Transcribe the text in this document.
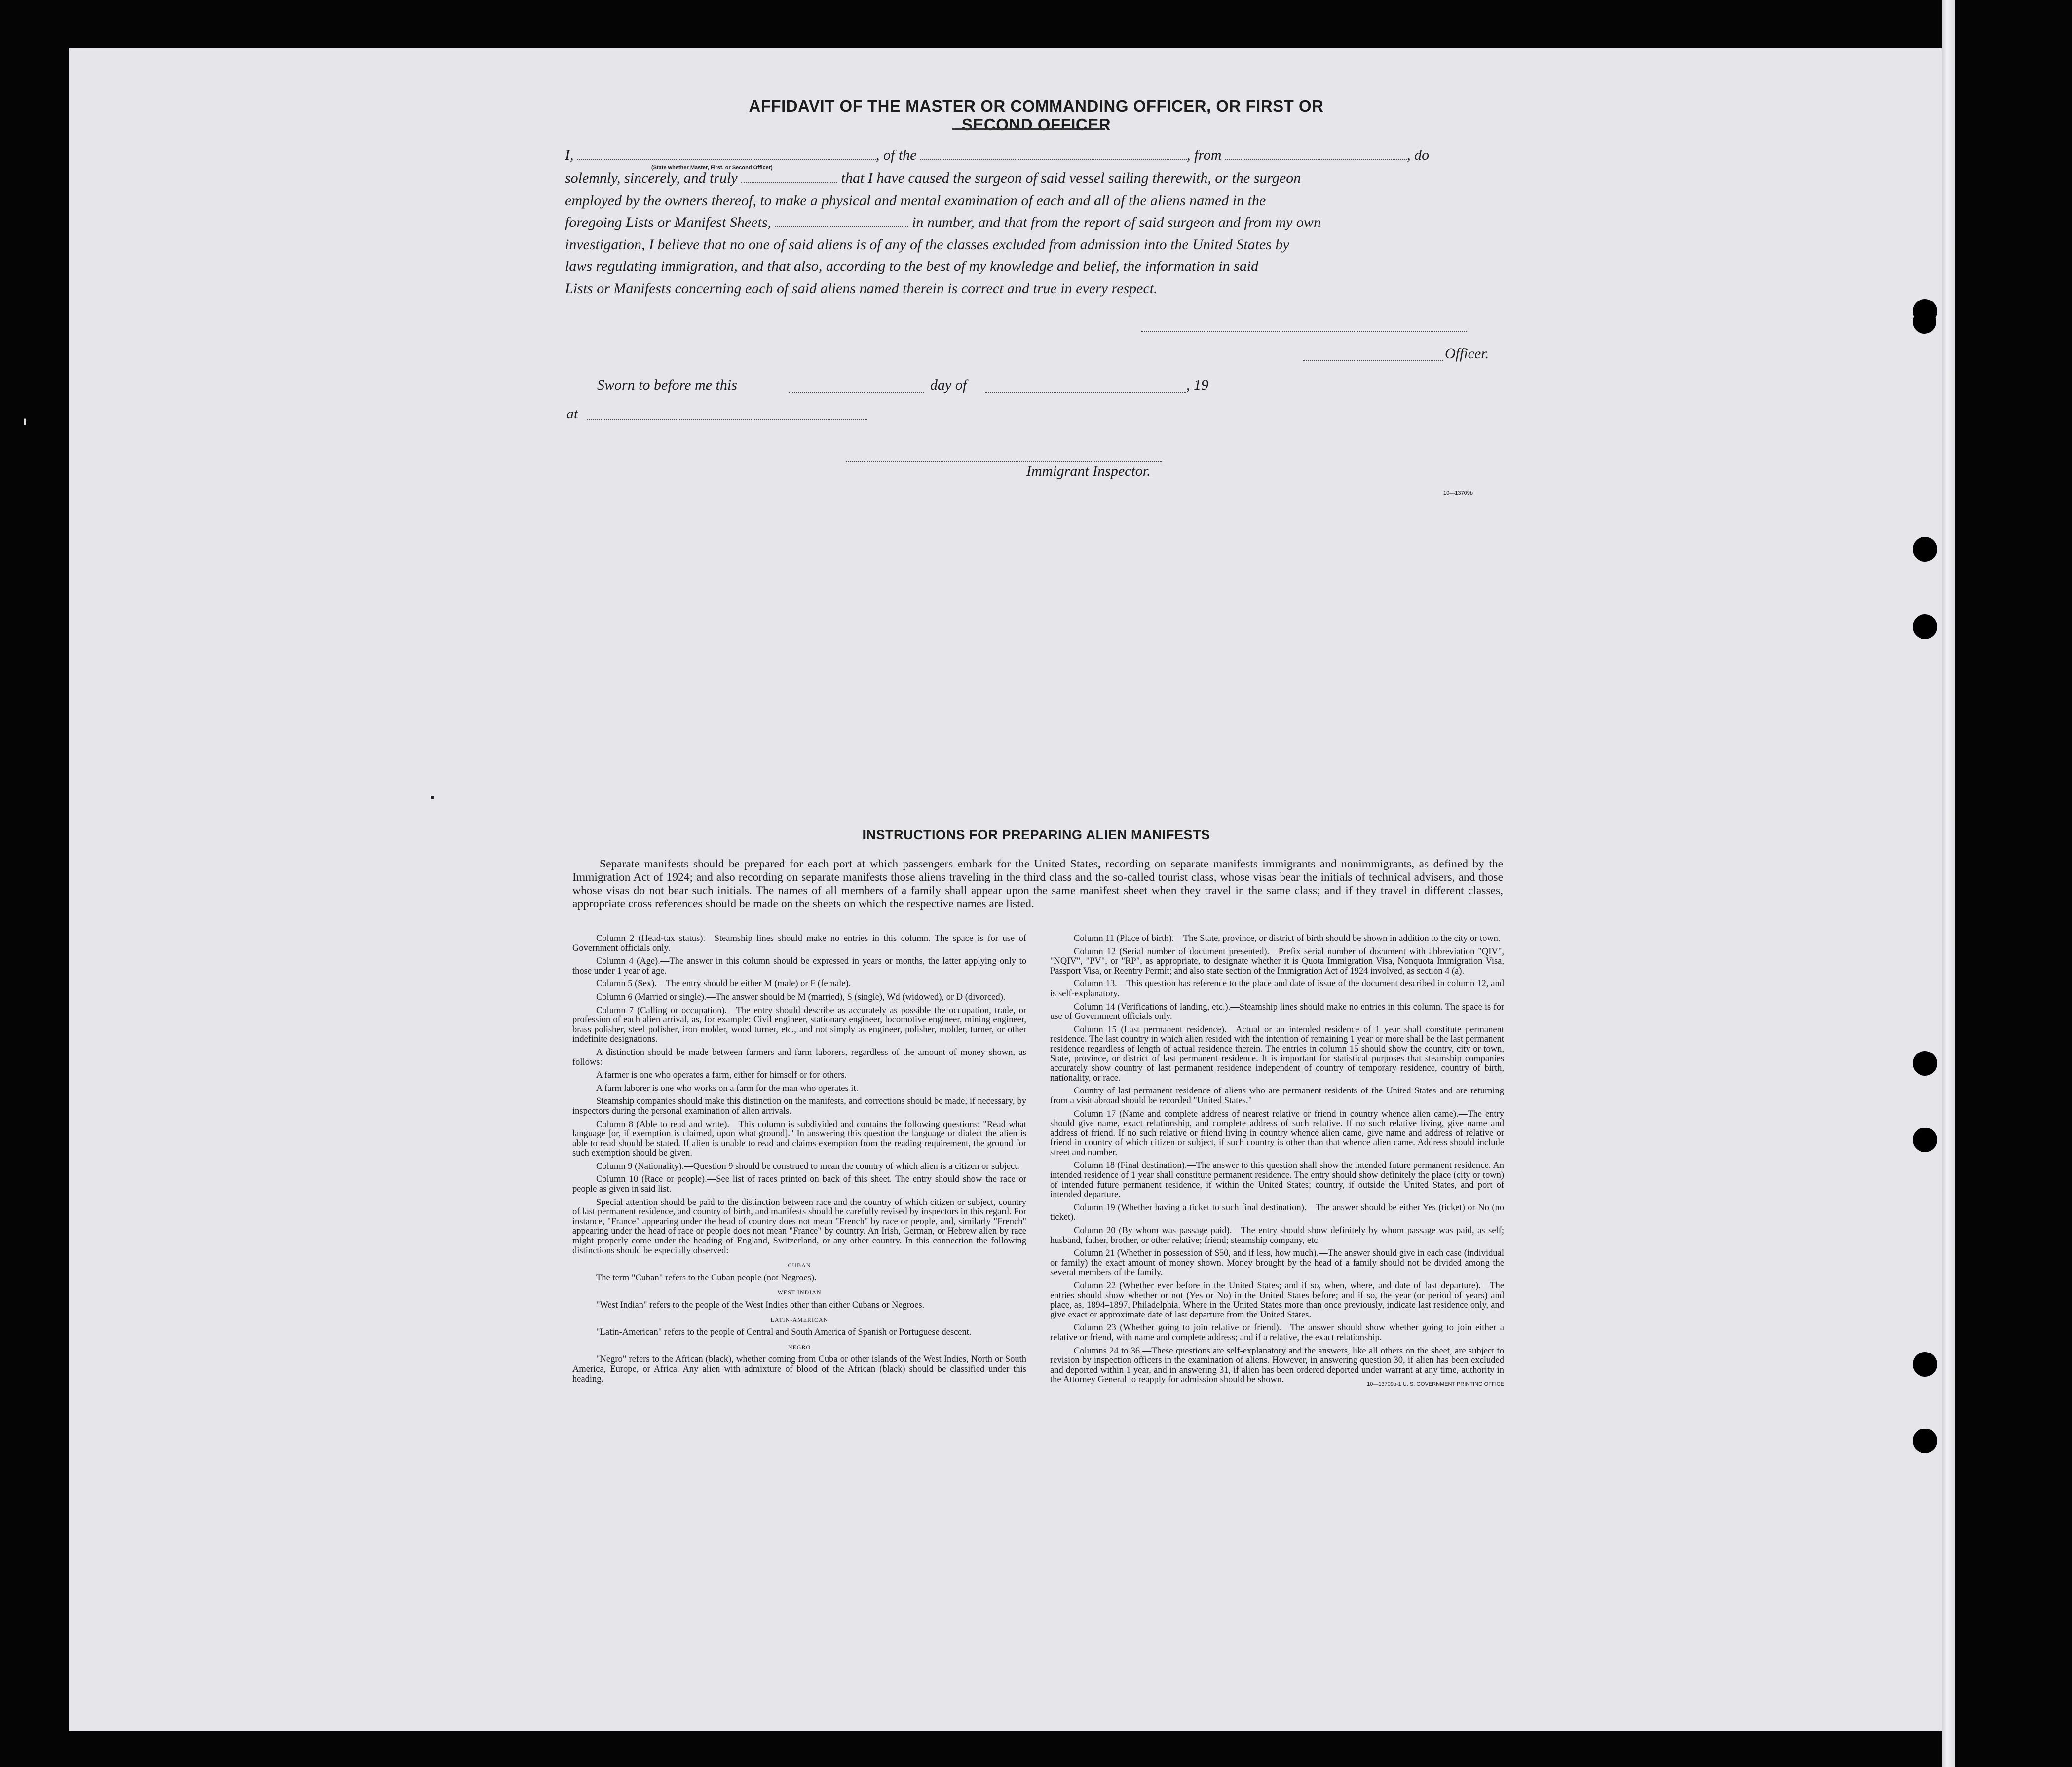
AFFIDAVIT OF THE MASTER OR COMMANDING OFFICER, OR FIRST OR SECOND OFFICER
I,	, of the	, from	, do
(State whether Master, First, or Second Officer)
solemnly, sincerely, and truly	that I have caused the surgeon of said vessel sailing therewith, or the surgeon
employed by the owners thereof, to make a physical and mental examination of each and all of the aliens named in the
foregoing Lists or Manifest Sheets,	in number, and that from the report of said surgeon and from my own
investigation, I believe that no one of said aliens is of any of the classes excluded from admission into the United States by
laws regulating immigration, and that also, according to the best of my knowledge and belief, the information in said
Lists or Manifests concerning each of said aliens named therein is correct and true in every respect.
Officer.
Sworn to before me this	day of	, 19
at
Immigrant Inspector.
10—13709b
INSTRUCTIONS FOR PREPARING ALIEN MANIFESTS
Separate manifests should be prepared for each port at which passengers embark for the United States, recording on separate manifests immigrants and nonimmigrants, as defined by the Immigration Act of 1924; and also recording on separate manifests those aliens traveling in the third class and the so-called tourist class, whose visas bear the initials of technical advisers, and those whose visas do not bear such initials. The names of all members of a family shall appear upon the same manifest sheet when they travel in the same class; and if they travel in different classes, appropriate cross references should be made on the sheets on which the respective names are listed.

Column 2 (Head-tax status).—Steamship lines should make no entries in this column. The space is for use of Government officials only.

Column 4 (Age).—The answer in this column should be expressed in years or months, the latter applying only to those under 1 year of age.

Column 5 (Sex).—The entry should be either M (male) or F (female).

Column 6 (Married or single).—The answer should be M (married), S (single), Wd (widowed), or D (divorced).

Column 7 (Calling or occupation).—The entry should describe as accurately as possible the occupation, trade, or profession of each alien arrival, as, for example: Civil engineer, stationary engineer, locomotive engineer, mining engineer, brass polisher, steel polisher, iron molder, wood turner, etc., and not simply as engineer, polisher, molder, turner, or other indefinite designations.

A distinction should be made between farmers and farm laborers, regardless of the amount of money shown, as follows:

A farmer is one who operates a farm, either for himself or for others.

A farm laborer is one who works on a farm for the man who operates it.

Steamship companies should make this distinction on the manifests, and corrections should be made, if necessary, by inspectors during the personal examination of alien arrivals.

Column 8 (Able to read and write).—This column is subdivided and contains the following questions: "Read what language [or, if exemption is claimed, upon what ground]." In answering this question the language or dialect the alien is able to read should be stated. If alien is unable to read and claims exemption from the reading requirement, the ground for such exemption should be given.

Column 9 (Nationality).—Question 9 should be construed to mean the country of which alien is a citizen or subject.

Column 10 (Race or people).—See list of races printed on back of this sheet. The entry should show the race or people as given in said list.

Special attention should be paid to the distinction between race and the country of which citizen or subject, country of last permanent residence, and country of birth, and manifests should be carefully revised by inspectors in this regard. For instance, "France" appearing under the head of country does not mean "French" by race or people, and, similarly "French" appearing under the head of race or people does not mean "France" by country. An Irish, German, or Hebrew alien by race might properly come under the heading of England, Switzerland, or any other country. In this connection the following distinctions should be especially observed:

CUBAN

The term "Cuban" refers to the Cuban people (not Negroes).

WEST INDIAN

"West Indian" refers to the people of the West Indies other than either Cubans or Negroes.

LATIN-AMERICAN

"Latin-American" refers to the people of Central and South America of Spanish or Portuguese descent.

NEGRO

"Negro" refers to the African (black), whether coming from Cuba or other islands of the West Indies, North or South America, Europe, or Africa. Any alien with admixture of blood of the African (black) should be classified under this heading.

Column 11 (Place of birth).—The State, province, or district of birth should be shown in addition to the city or town.

Column 12 (Serial number of document presented).—Prefix serial number of document with abbreviation "QIV", "NQIV", "PV", or "RP", as appropriate, to designate whether it is Quota Immigration Visa, Nonquota Immigration Visa, Passport Visa, or Reentry Permit; and also state section of the Immigration Act of 1924 involved, as section 4 (a).

Column 13.—This question has reference to the place and date of issue of the document described in column 12, and is self-explanatory.

Column 14 (Verifications of landing, etc.).—Steamship lines should make no entries in this column. The space is for use of Government officials only.

Column 15 (Last permanent residence).—Actual or an intended residence of 1 year shall constitute permanent residence. The last country in which alien resided with the intention of remaining 1 year or more shall be the last permanent residence regardless of length of actual residence therein. The entries in column 15 should show the country, city or town, State, province, or district of last permanent residence. It is important for statistical purposes that steamship companies accurately show country of last permanent residence independent of country of temporary residence, country of birth, nationality, or race.

Country of last permanent residence of aliens who are permanent residents of the United States and are returning from a visit abroad should be recorded "United States."

Column 17 (Name and complete address of nearest relative or friend in country whence alien came).—The entry should give name, exact relationship, and complete address of such relative. If no such relative living, give name and address of friend. If no such relative or friend living in country whence alien came, give name and address of relative or friend in country of which citizen or subject, if such country is other than that whence alien came. Address should include street and number.

Column 18 (Final destination).—The answer to this question shall show the intended future permanent residence. An intended residence of 1 year shall constitute permanent residence. The entry should show definitely the place (city or town) of intended future permanent residence, if within the United States; country, if outside the United States, and port of intended departure.

Column 19 (Whether having a ticket to such final destination).—The answer should be either Yes (ticket) or No (no ticket).

Column 20 (By whom was passage paid).—The entry should show definitely by whom passage was paid, as self; husband, father, brother, or other relative; friend; steamship company, etc.

Column 21 (Whether in possession of $50, and if less, how much).—The answer should give in each case (individual or family) the exact amount of money shown. Money brought by the head of a family should not be divided among the several members of the family.

Column 22 (Whether ever before in the United States; and if so, when, where, and date of last departure).—The entries should show whether or not (Yes or No) in the United States before; and if so, the year (or period of years) and place, as, 1894–1897, Philadelphia. Where in the United States more than once previously, indicate last residence only, and give exact or approximate date of last departure from the United States.

Column 23 (Whether going to join relative or friend).—The answer should show whether going to join either a relative or friend, with name and complete address; and if a relative, the exact relationship.

Columns 24 to 36.—These questions are self-explanatory and the answers, like all others on the sheet, are subject to revision by inspection officers in the examination of aliens. However, in answering question 30, if alien has been excluded and deported within 1 year, and in answering 31, if alien has been ordered deported under warrant at any time, authority in the Attorney General to reapply for admission should be shown.	10—13709b-1 U. S. GOVERNMENT PRINTING OFFICE
